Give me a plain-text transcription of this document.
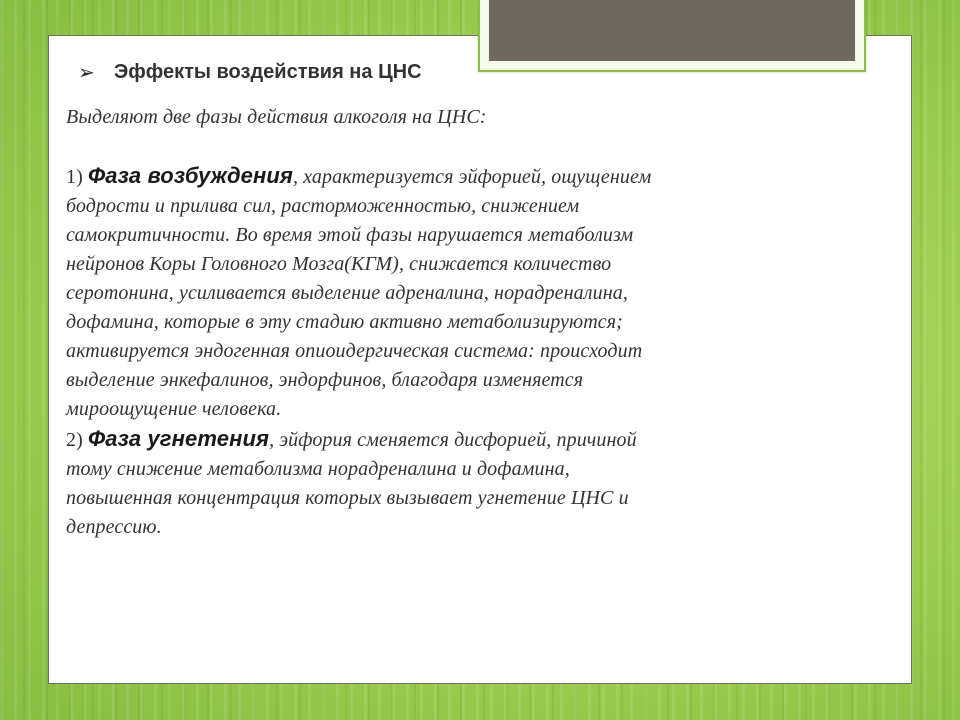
➢ Эффекты воздействия на ЦНС

Выделяют две фазы действия алкоголя на ЦНС:

1) Фаза возбуждения, характеризуется эйфорией, ощущением
бодрости и прилива сил, расторможенностью, снижением
самокритичности. Во время этой фазы нарушается метаболизм
нейронов Коры Головного Мозга(КГМ), снижается количество
серотонина, усиливается выделение адреналина, норадреналина,
дофамина, которые в эту стадию активно метаболизируются;
активируется эндогенная опиоидергическая система: происходит
выделение энкефалинов, эндорфинов, благодаря изменяется
мироощущение человека.

2) Фаза угнетения, эйфория сменяется дисфорией, причиной
тому снижение метаболизма норадреналина и дофамина,
повышенная концентрация которых вызывает угнетение ЦНС и
депрессию.
